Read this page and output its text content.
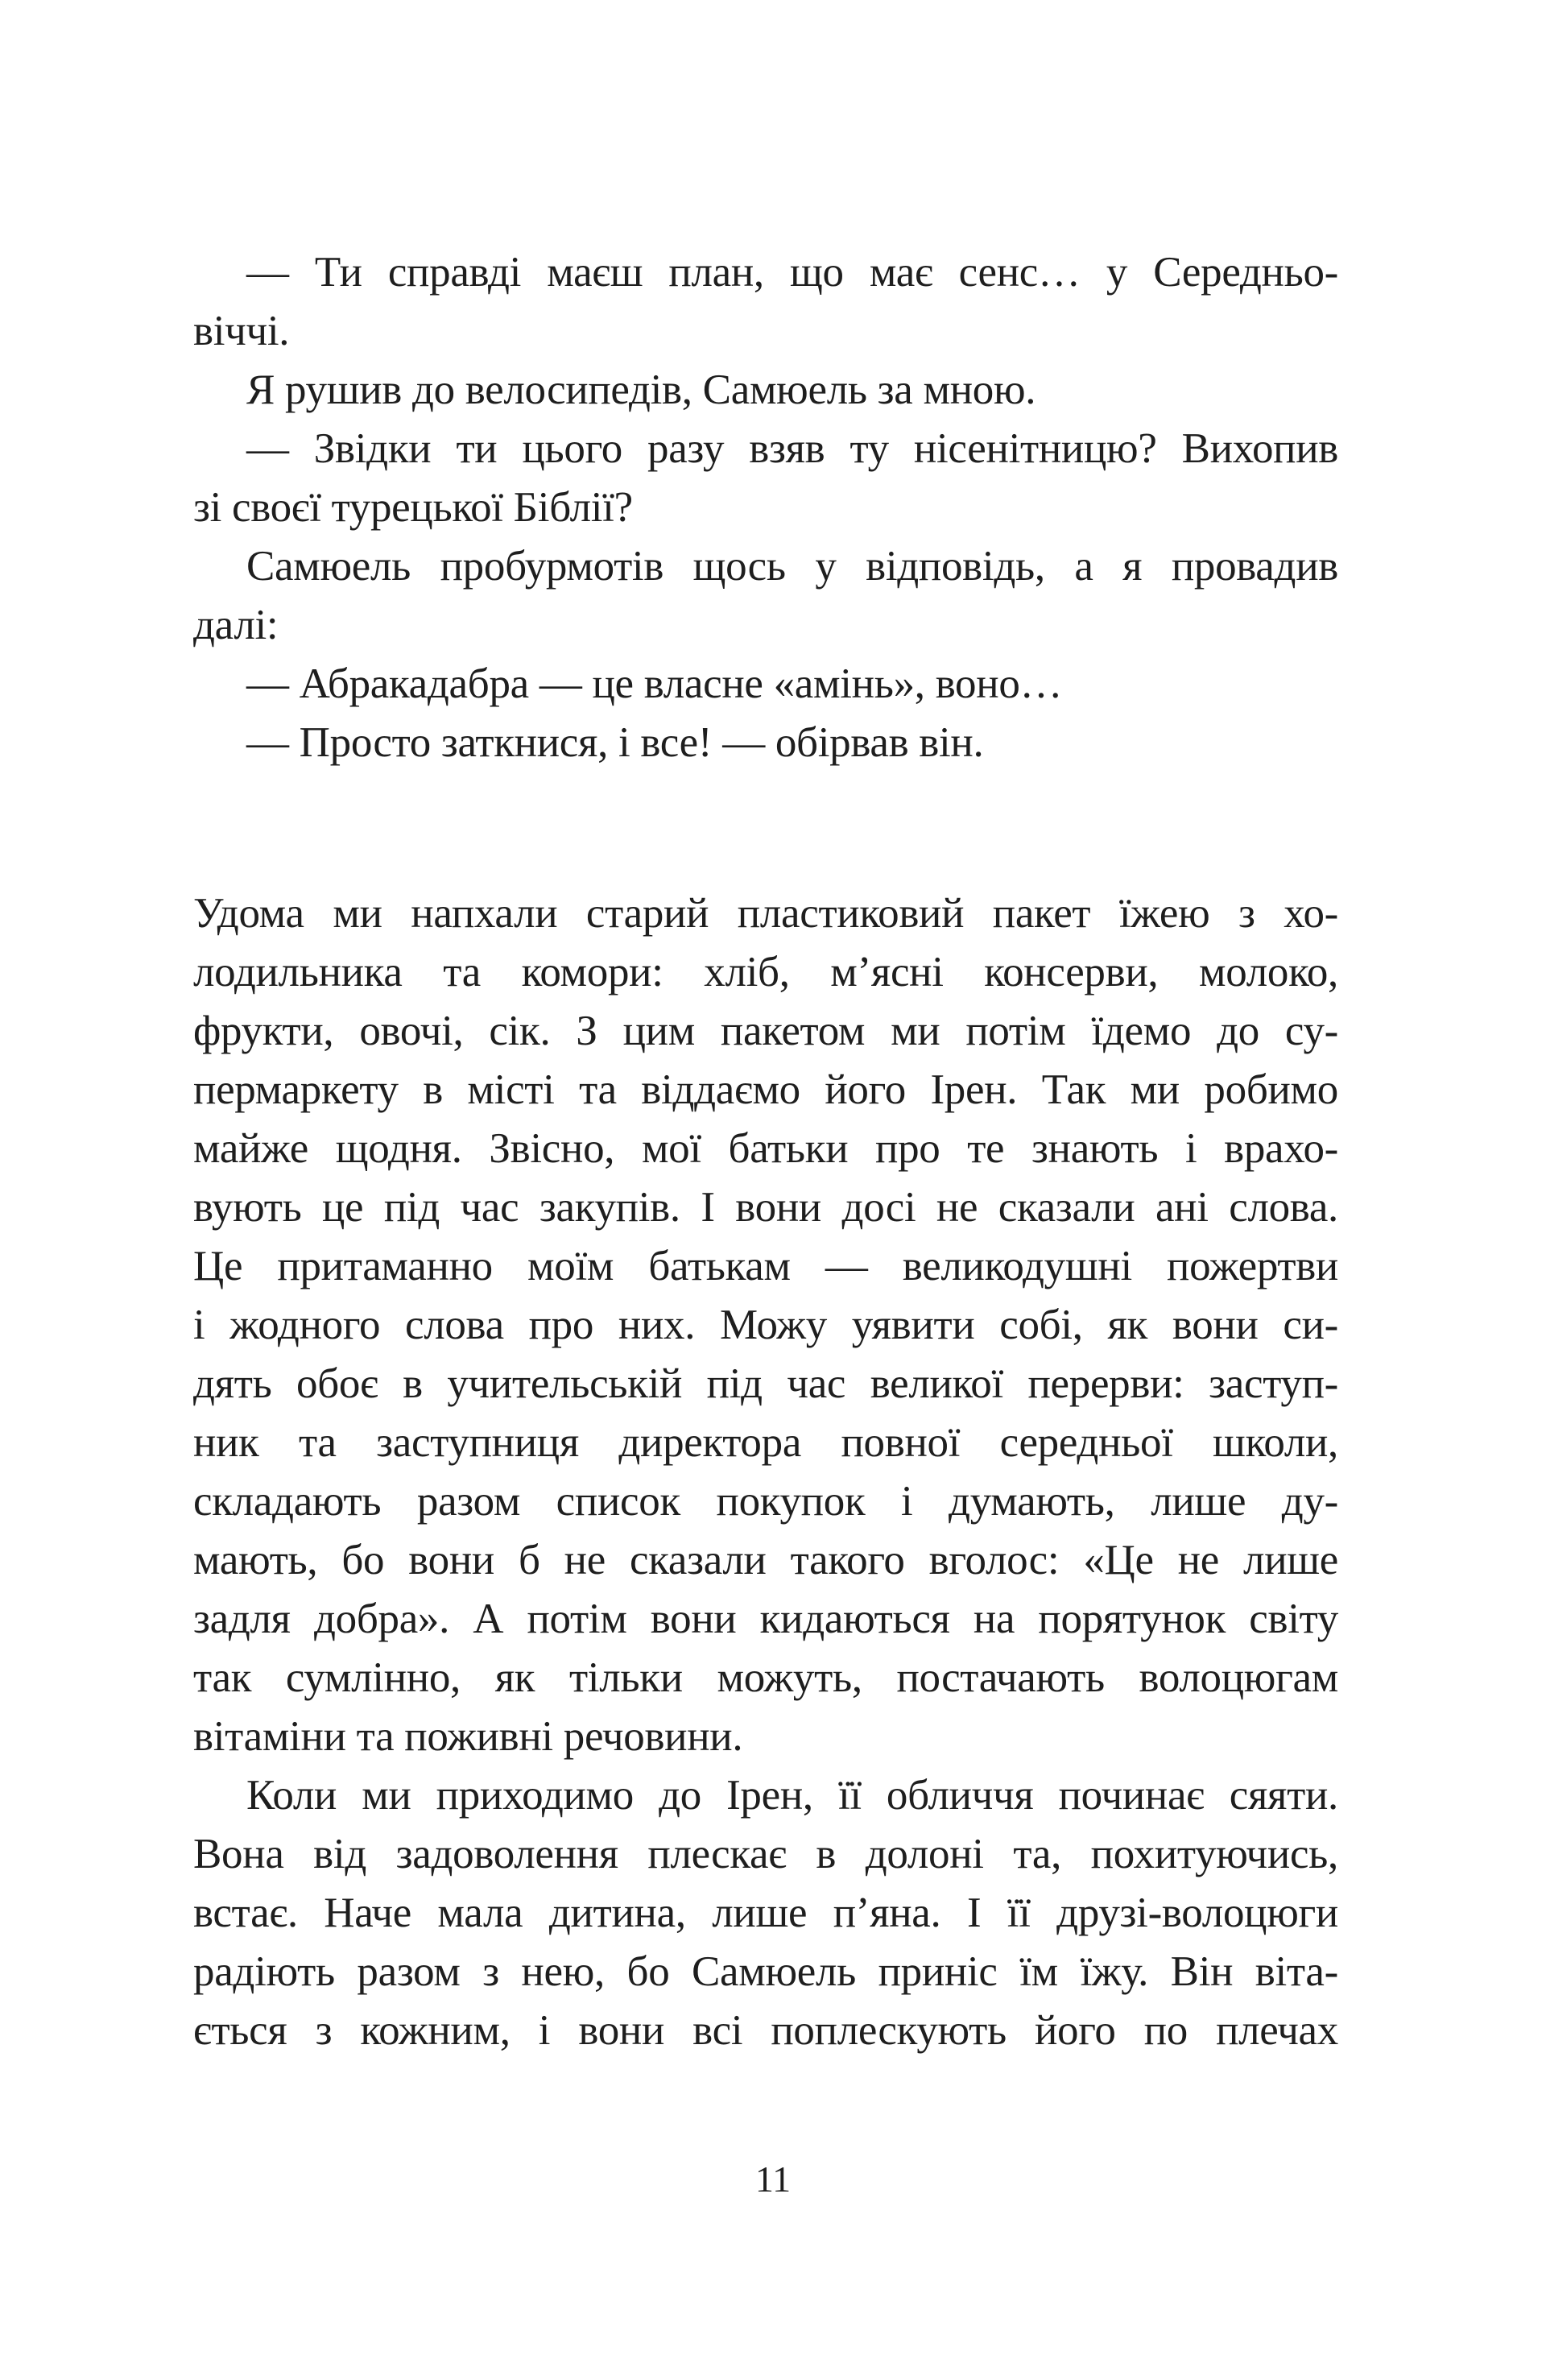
— Ти справді маєш план, що має сенс… у Середньо-
віччі.
Я рушив до велосипедів, Самюель за мною.
— Звідки ти цього разу взяв ту нісенітницю? Вихопив
зі своєї турецької Біблії?
Самюель пробурмотів щось у відповідь, а я провадив
далі:
— Абракадабра — це власне «амінь», воно…
— Просто заткнися, і все! — обірвав він.
Удома ми напхали старий пластиковий пакет їжею з хо-
лодильника та комори: хліб, м’ясні консерви, молоко,
фрукти, овочі, сік. З цим пакетом ми потім їдемо до су-
пермаркету в місті та віддаємо його Ірен. Так ми робимо
майже щодня. Звісно, мої батьки про те знають і врахо-
вують це під час закупів. І вони досі не сказали ані слова.
Це притаманно моїм батькам — великодушні пожертви
і жодного слова про них. Можу уявити собі, як вони си-
дять обоє в учительській під час великої перерви: заступ-
ник та заступниця директора повної середньої школи,
складають разом список покупок і думають, лише ду-
мають, бо вони б не сказали такого вголос: «Це не лише
задля добра». А потім вони кидаються на порятунок світу
так сумлінно, як тільки можуть, постачають волоцюгам
вітаміни та поживні речовини.
Коли ми приходимо до Ірен, її обличчя починає сяяти.
Вона від задоволення плескає в долоні та, похитуючись,
встає. Наче мала дитина, лише п’яна. І її друзі-волоцюги
радіють разом з нею, бо Самюель приніс їм їжу. Він віта-
ється з кожним, і вони всі поплескують його по плечах
11
